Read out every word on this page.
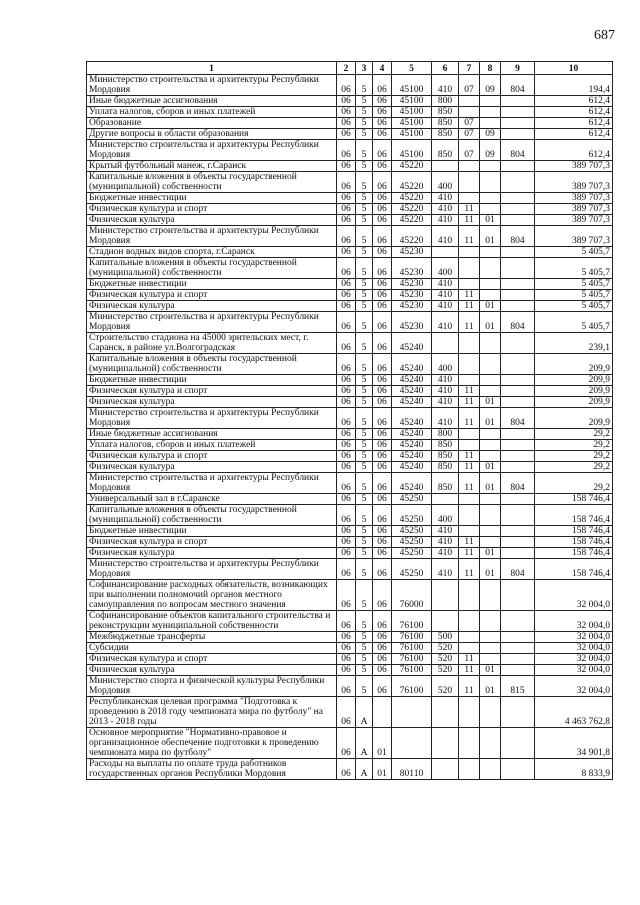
687
1	2	3	4	5	6	7	8	9	10
Министерство строительства и архитектуры Республики Мордовия	06	5	06	45100	410	07	09	804	194,4
Иные бюджетные ассигнования	06	5	06	45100	800				612,4
Уплата налогов, сборов и иных платежей	06	5	06	45100	850				612,4
Образование	06	5	06	45100	850	07			612,4
Другие вопросы в области образования	06	5	06	45100	850	07	09		612,4
Министерство строительства и архитектуры Республики Мордовия	06	5	06	45100	850	07	09	804	612,4
Крытый футбольный манеж, г.Саранск	06	5	06	45220					389 707,3
Капитальные вложения в объекты государственной (муниципальной) собственности	06	5	06	45220	400				389 707,3
Бюджетные инвестиции	06	5	06	45220	410				389 707,3
Физическая культура и спорт	06	5	06	45220	410	11			389 707,3
Физическая культура	06	5	06	45220	410	11	01		389 707,3
Министерство строительства и архитектуры Республики Мордовия	06	5	06	45220	410	11	01	804	389 707,3
Стадион водных видов спорта, г.Саранск	06	5	06	45230					5 405,7
Капитальные вложения в объекты государственной (муниципальной) собственности	06	5	06	45230	400				5 405,7
Бюджетные инвестиции	06	5	06	45230	410				5 405,7
Физическая культура и спорт	06	5	06	45230	410	11			5 405,7
Физическая культура	06	5	06	45230	410	11	01		5 405,7
Министерство строительства и архитектуры Республики Мордовия	06	5	06	45230	410	11	01	804	5 405,7
Строительство стадиона на 45000 зрительских мест, г. Саранск, в районе ул.Волгоградская	06	5	06	45240					239,1
Капитальные вложения в объекты государственной (муниципальной) собственности	06	5	06	45240	400				209,9
Бюджетные инвестиции	06	5	06	45240	410				209,9
Физическая культура и спорт	06	5	06	45240	410	11			209,9
Физическая культура	06	5	06	45240	410	11	01		209,9
Министерство строительства и архитектуры Республики Мордовия	06	5	06	45240	410	11	01	804	209,9
Иные бюджетные ассигнования	06	5	06	45240	800				29,2
Уплата налогов, сборов и иных платежей	06	5	06	45240	850				29,2
Физическая культура и спорт	06	5	06	45240	850	11			29,2
Физическая культура	06	5	06	45240	850	11	01		29,2
Министерство строительства и архитектуры Республики Мордовия	06	5	06	45240	850	11	01	804	29,2
Универсальный зал в г.Саранске	06	5	06	45250					158 746,4
Капитальные вложения в объекты государственной (муниципальной) собственности	06	5	06	45250	400				158 746,4
Бюджетные инвестиции	06	5	06	45250	410				158 746,4
Физическая культура и спорт	06	5	06	45250	410	11			158 746,4
Физическая культура	06	5	06	45250	410	11	01		158 746,4
Министерство строительства и архитектуры Республики Мордовия	06	5	06	45250	410	11	01	804	158 746,4
Софинансирование расходных обязательств, возникающих при выполнении полномочий органов местного самоуправления по вопросам местного значения	06	5	06	76000					32 004,0
Софинансирование объектов капитального строительства и реконструкции муниципальной собственности	06	5	06	76100					32 004,0
Межбюджетные трансферты	06	5	06	76100	500				32 004,0
Субсидии	06	5	06	76100	520				32 004,0
Физическая культура и спорт	06	5	06	76100	520	11			32 004,0
Физическая культура	06	5	06	76100	520	11	01		32 004,0
Министерство спорта и физической культуры Республики Мордовия	06	5	06	76100	520	11	01	815	32 004,0
Республиканская целевая программа "Подготовка к проведению в 2018 году чемпионата мира по футболу" на 2013 - 2018 годы	06	А							4 463 762,8
Основное мероприятие "Нормативно-правовое и организационное обеспечение подготовки к проведению чемпионата мира по футболу"	06	А	01						34 901,8
Расходы на выплаты по оплате труда работников государственных органов Республики Мордовия	06	А	01	80110					8 833,9
